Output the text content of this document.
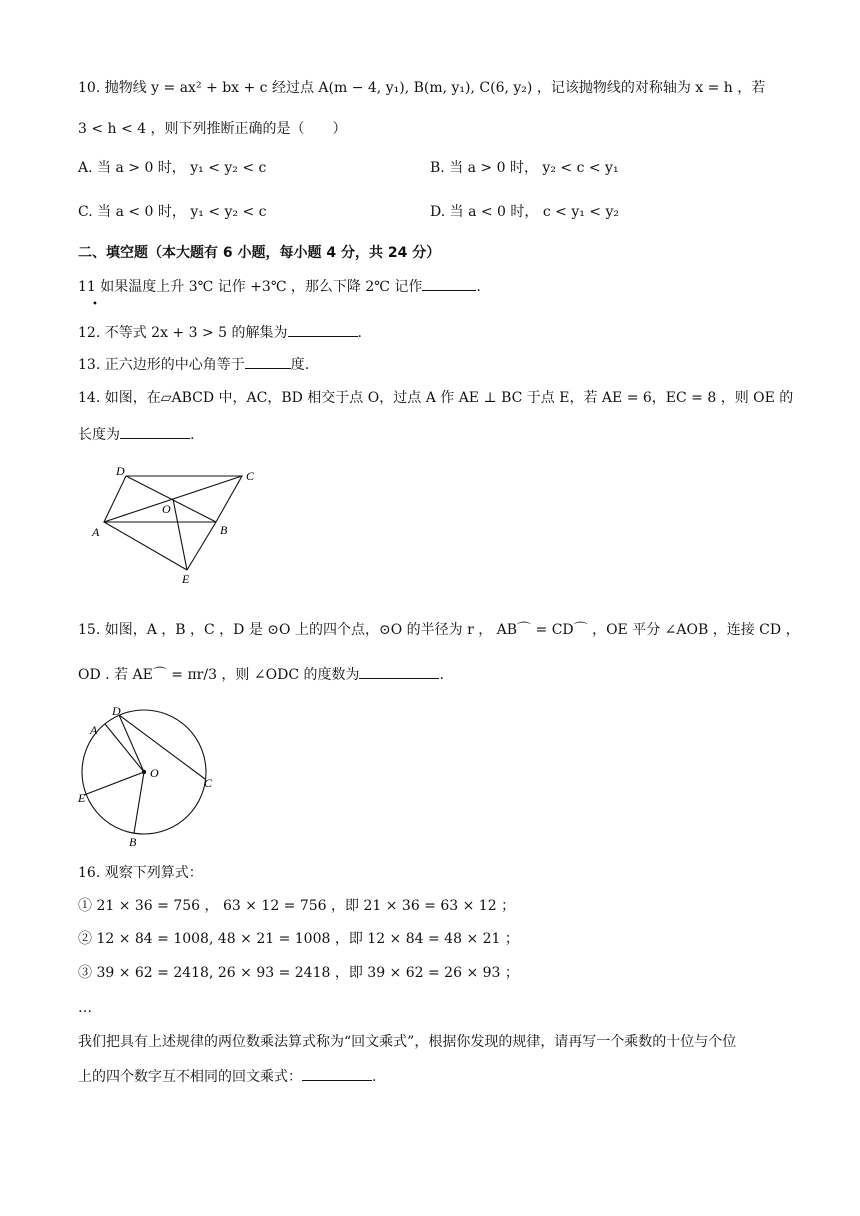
10. 抛物线 y = ax² + bx + c 经过点 A(m − 4, y₁), B(m, y₁), C(6, y₂) ，记该抛物线的对称轴为 x = h ，若
3 < h < 4 ，则下列推断正确的是（　　）
A. 当 a > 0 时， y₁ < y₂ < c	B. 当 a > 0 时， y₂ < c < y₁
C. 当 a < 0 时， y₁ < y₂ < c	D. 当 a < 0 时， c < y₁ < y₂
二、填空题（本大题有 6 小题，每小题 4 分，共 24 分）
11 如果温度上升 3℃ 记作 +3℃ ，那么下降 2℃ 记作	.
•
12. 不等式 2x + 3 > 5 的解集为	.
13. 正六边形的中心角等于	度.
14. 如图，在▱ABCD 中，AC，BD 相交于点 O，过点 A 作 AE ⊥ BC 于点 E，若 AE = 6，EC = 8 ，则 OE 的
长度为	.
D	C
O
A	B
E
15. 如图，A ，B ，C ，D 是 ⊙O 上的四个点，⊙O 的半径为 r ， AB⌒ = CD⌒ ，OE 平分 ∠AOB ，连接 CD ，
OD . 若 AE⌒ = πr/3 ，则 ∠ODC 的度数为	.
D
A
O
C
E
B
16. 观察下列算式：
① 21 × 36 = 756 ， 63 × 12 = 756 ，即 21 × 36 = 63 × 12 ；
② 12 × 84 = 1008, 48 × 21 = 1008 ，即 12 × 84 = 48 × 21 ；
③ 39 × 62 = 2418, 26 × 93 = 2418 ，即 39 × 62 = 26 × 93 ；
…
我们把具有上述规律的两位数乘法算式称为“回文乘式”，根据你发现的规律，请再写一个乘数的十位与个位
上的四个数字互不相同的回文乘式：	.
